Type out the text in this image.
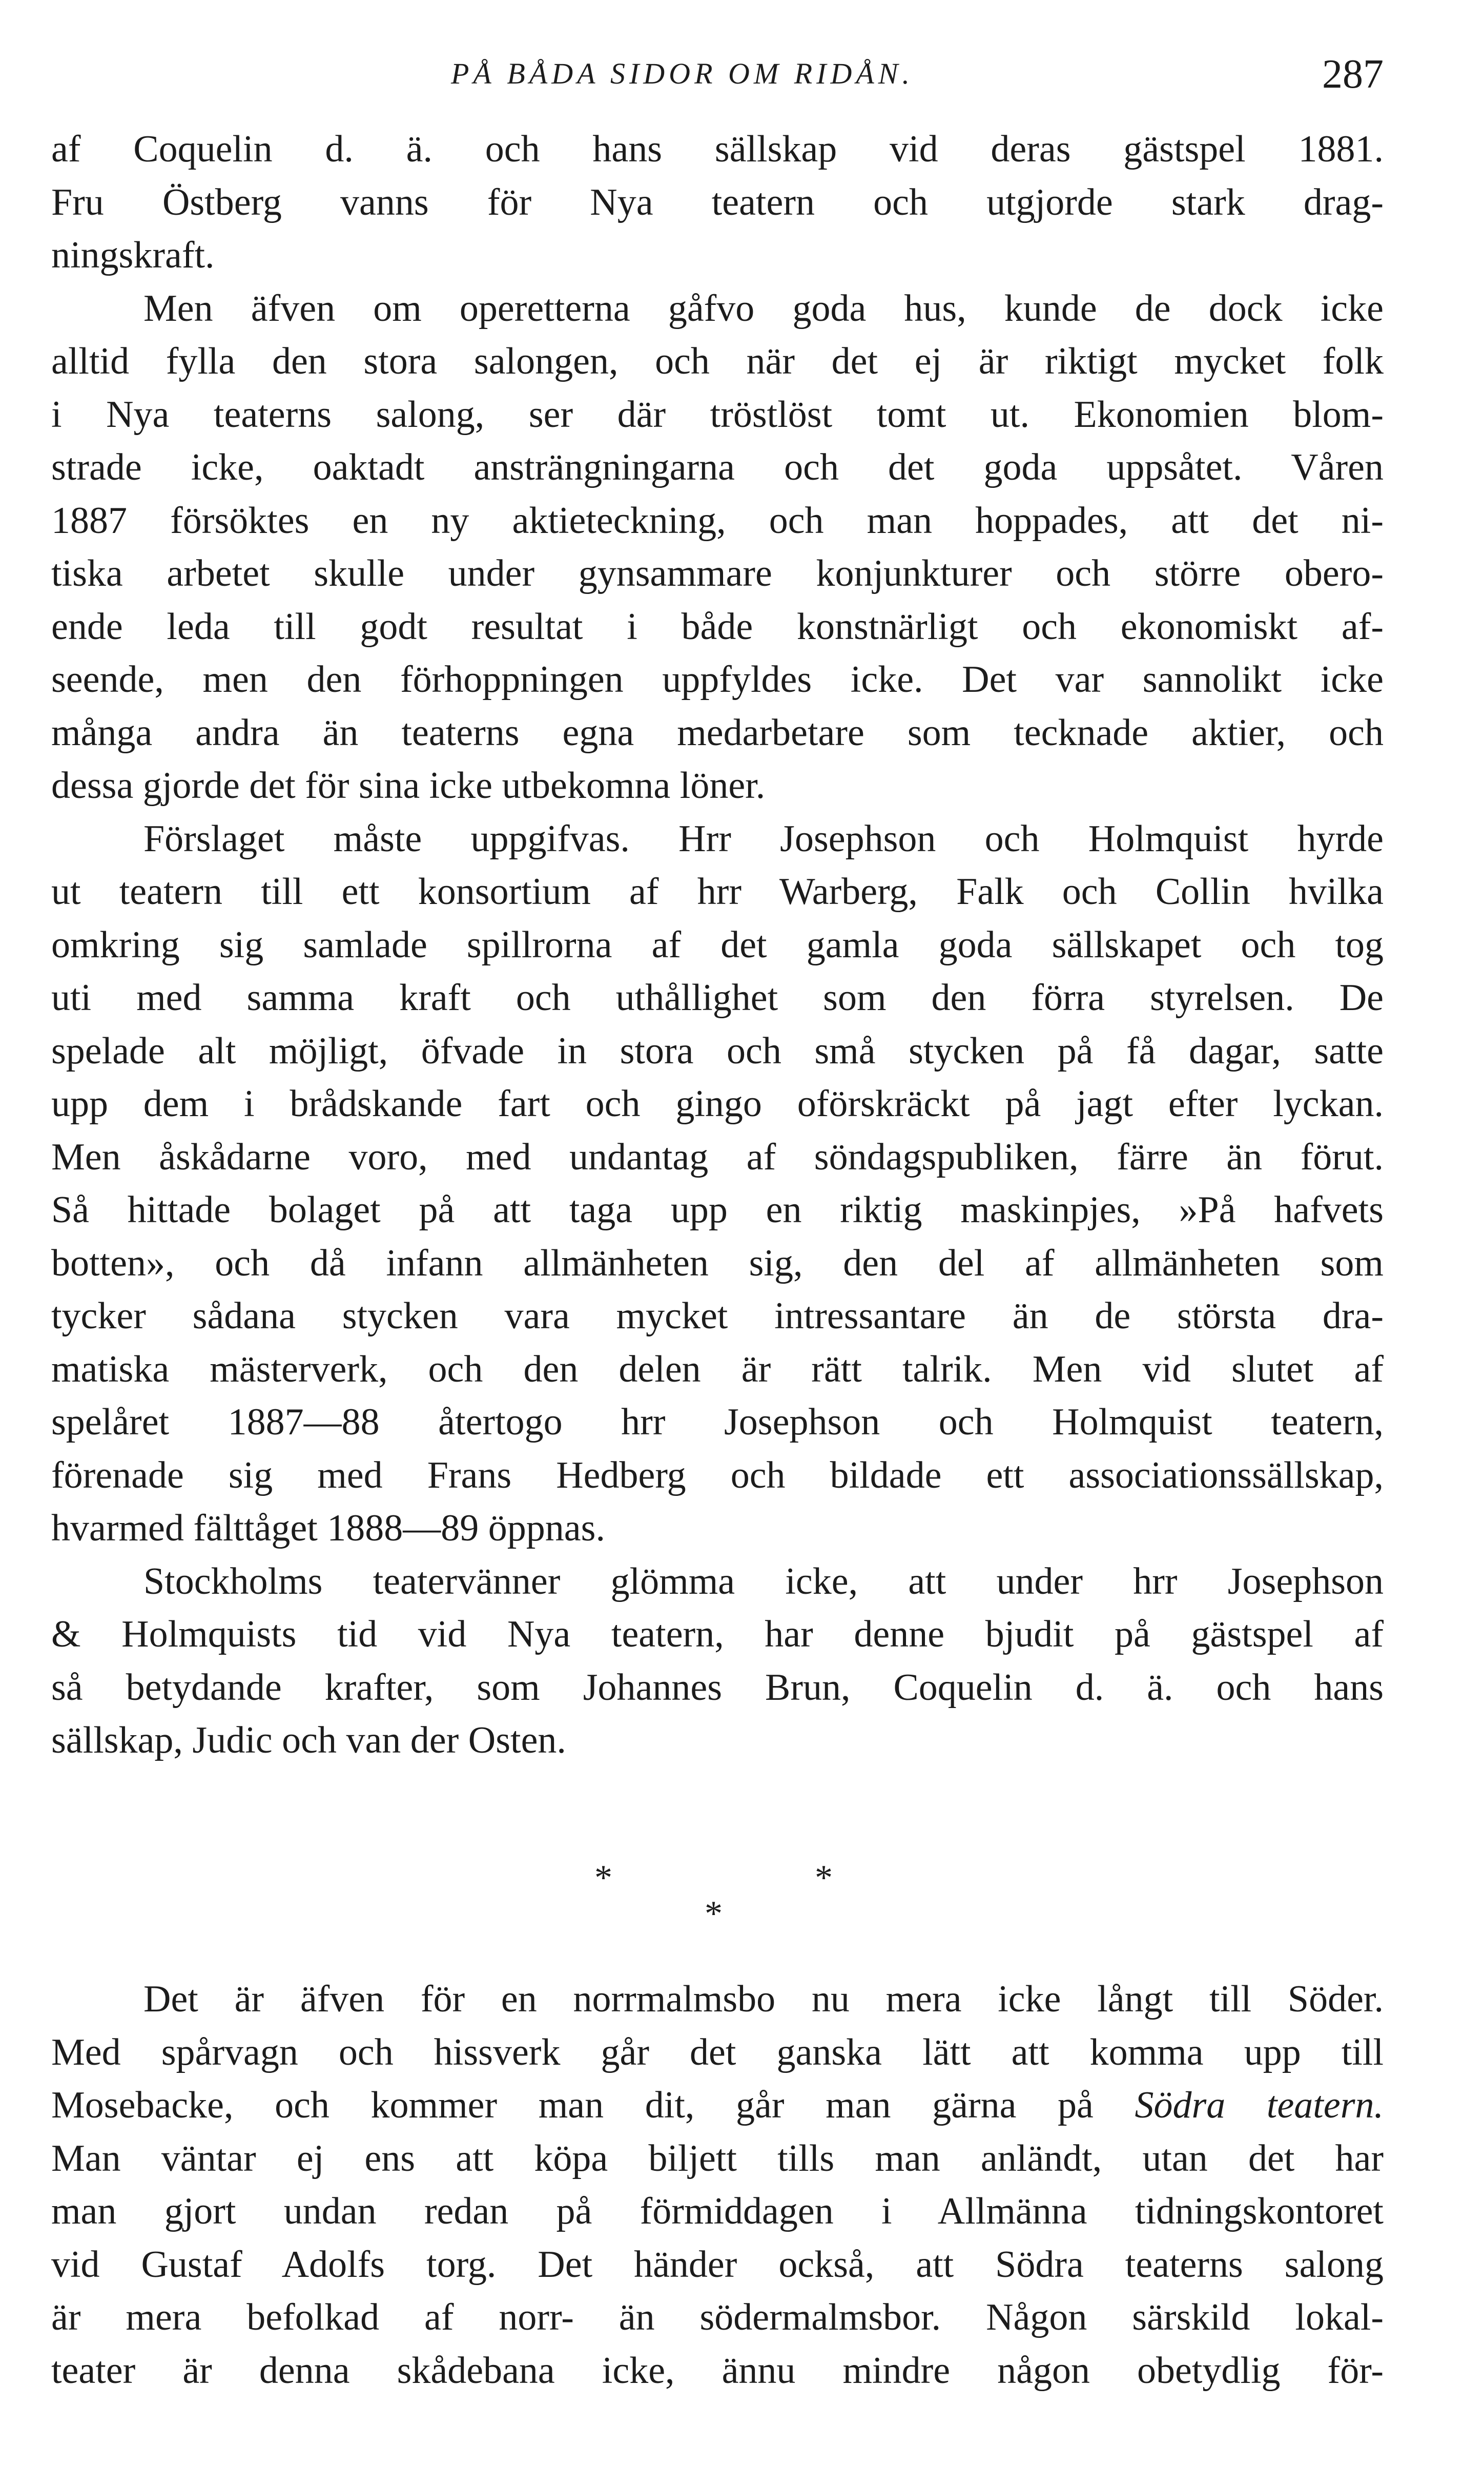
PÅ BÅDA SIDOR OM RIDÅN.	287
af Coquelin d. ä. och hans sällskap vid deras gästspel 1881.
Fru Östberg vanns för Nya teatern och utgjorde stark drag-
ningskraft.
Men äfven om operetterna gåfvo goda hus, kunde de dock icke
alltid fylla den stora salongen, och när det ej är riktigt mycket folk
i Nya teaterns salong, ser där tröstlöst tomt ut. Ekonomien blom-
strade icke, oaktadt ansträngningarna och det goda uppsåtet. Våren
1887 försöktes en ny aktieteckning, och man hoppades, att det ni-
tiska arbetet skulle under gynsammare konjunkturer och större obero-
ende leda till godt resultat i både konstnärligt och ekonomiskt af-
seende, men den förhoppningen uppfyldes icke. Det var sannolikt icke
många andra än teaterns egna medarbetare som tecknade aktier, och
dessa gjorde det för sina icke utbekomna löner.
Förslaget måste uppgifvas. Hrr Josephson och Holmquist hyrde
ut teatern till ett konsortium af hrr Warberg, Falk och Collin hvilka
omkring sig samlade spillrorna af det gamla goda sällskapet och tog
uti med samma kraft och uthållighet som den förra styrelsen. De
spelade alt möjligt, öfvade in stora och små stycken på få dagar, satte
upp dem i brådskande fart och gingo oförskräckt på jagt efter lyckan.
Men åskådarne voro, med undantag af söndagspubliken, färre än förut.
Så hittade bolaget på att taga upp en riktig maskinpjes, »På hafvets
botten», och då infann allmänheten sig, den del af allmänheten som
tycker sådana stycken vara mycket intressantare än de största dra-
matiska mästerverk, och den delen är rätt talrik. Men vid slutet af
spelåret 1887—88 återtogo hrr Josephson och Holmquist teatern,
förenade sig med Frans Hedberg och bildade ett associationssällskap,
hvarmed fälttåget 1888—89 öppnas.
Stockholms teatervänner glömma icke, att under hrr Josephson
& Holmquists tid vid Nya teatern, har denne bjudit på gästspel af
så betydande krafter, som Johannes Brun, Coquelin d. ä. och hans
sällskap, Judic och van der Osten.
*	*
*
Det är äfven för en norrmalmsbo nu mera icke långt till Söder.
Med spårvagn och hissverk går det ganska lätt att komma upp till
Mosebacke, och kommer man dit, går man gärna på Södra teatern.
Man väntar ej ens att köpa biljett tills man anländt, utan det har
man gjort undan redan på förmiddagen i Allmänna tidningskontoret
vid Gustaf Adolfs torg. Det händer också, att Södra teaterns salong
är mera befolkad af norr- än södermalmsbor. Någon särskild lokal-
teater är denna skådebana icke, ännu mindre någon obetydlig för-
